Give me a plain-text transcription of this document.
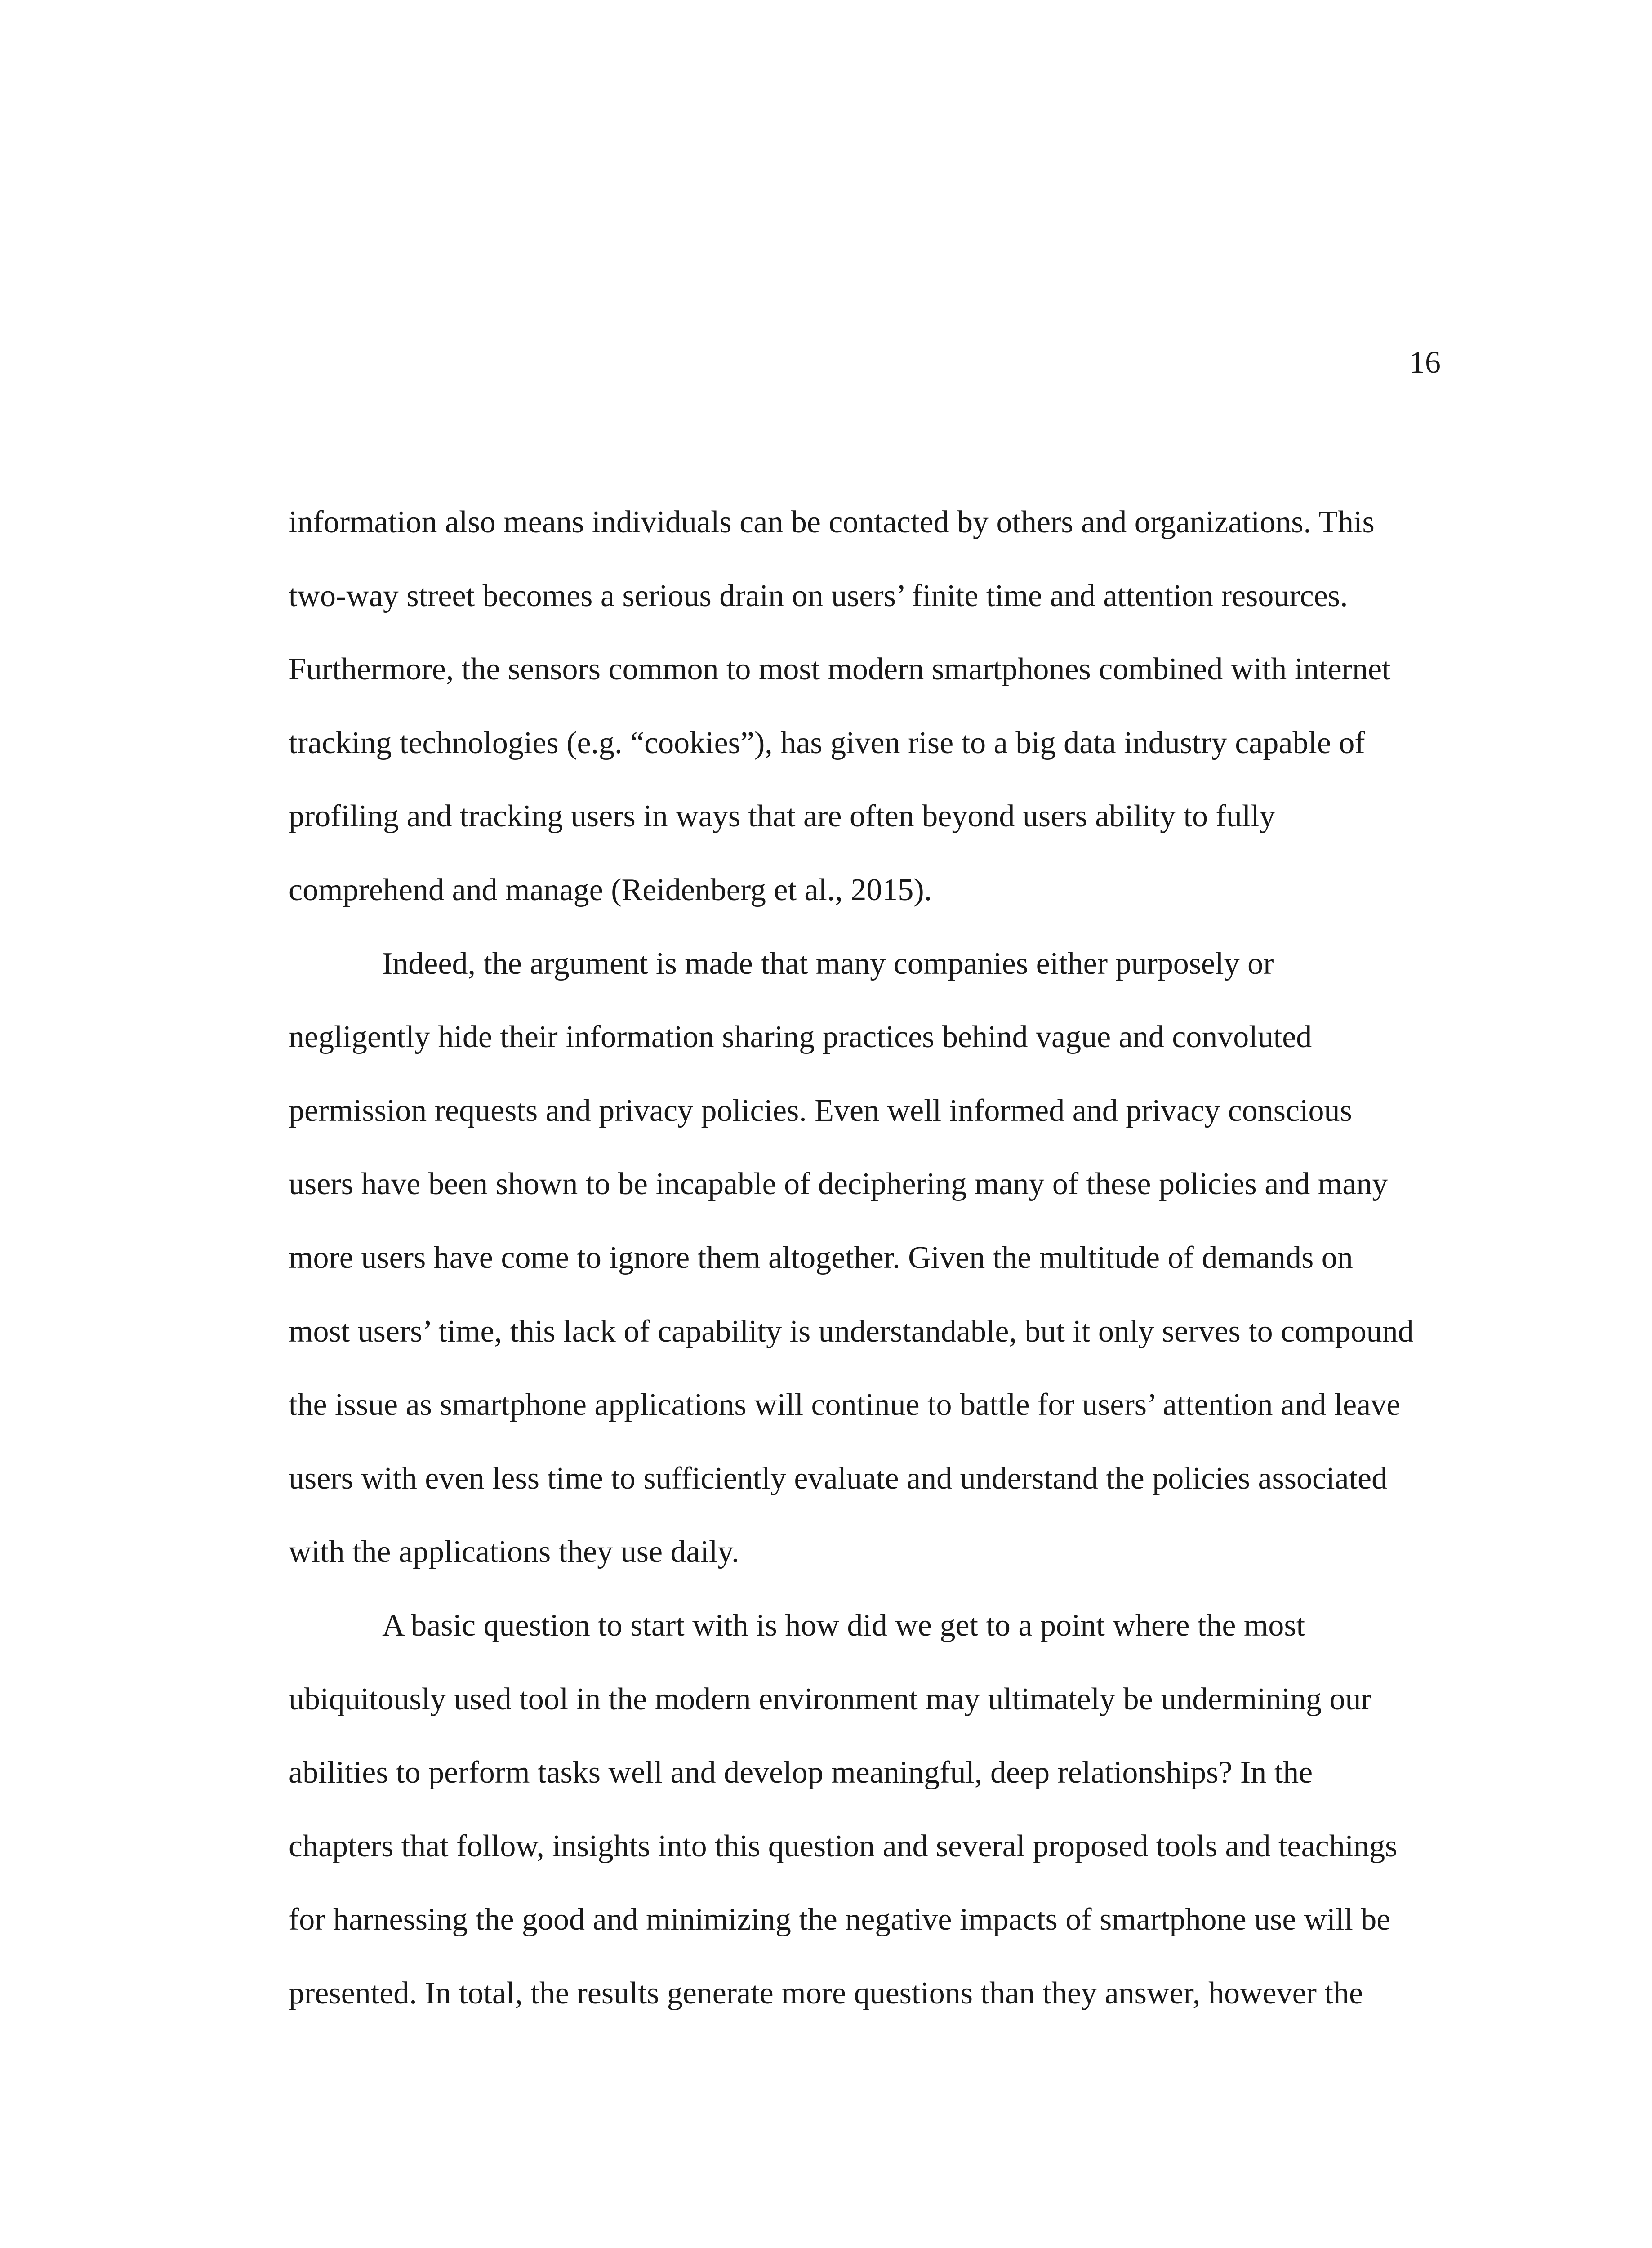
16
information also means individuals can be contacted by others and organizations. This
two-way street becomes a serious drain on users’ finite time and attention resources.
Furthermore, the sensors common to most modern smartphones combined with internet
tracking technologies (e.g. “cookies”), has given rise to a big data industry capable of
profiling and tracking users in ways that are often beyond users ability to fully
comprehend and manage (Reidenberg et al., 2015).
Indeed, the argument is made that many companies either purposely or
negligently hide their information sharing practices behind vague and convoluted
permission requests and privacy policies. Even well informed and privacy conscious
users have been shown to be incapable of deciphering many of these policies and many
more users have come to ignore them altogether. Given the multitude of demands on
most users’ time, this lack of capability is understandable, but it only serves to compound
the issue as smartphone applications will continue to battle for users’ attention and leave
users with even less time to sufficiently evaluate and understand the policies associated
with the applications they use daily.
A basic question to start with is how did we get to a point where the most
ubiquitously used tool in the modern environment may ultimately be undermining our
abilities to perform tasks well and develop meaningful, deep relationships? In the
chapters that follow, insights into this question and several proposed tools and teachings
for harnessing the good and minimizing the negative impacts of smartphone use will be
presented. In total, the results generate more questions than they answer, however the
